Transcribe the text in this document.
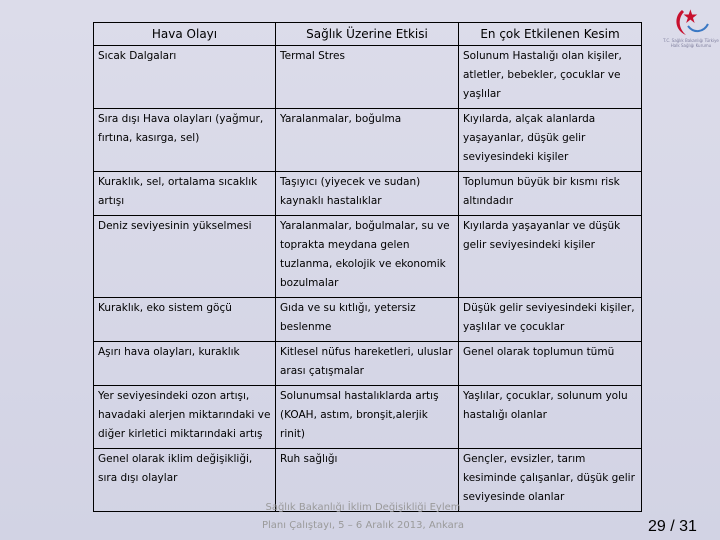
T.C. Sağlık Bakanlığı Türkiye Halk Sağlığı Kurumu
Hava Olayı	Sağlık Üzerine Etkisi	En çok Etkilenen Kesim
Sıcak Dalgaları	Termal Stres	Solunum Hastalığı olan kişiler, atletler, bebekler, çocuklar ve yaşlılar
Sıra dışı Hava olayları (yağmur, fırtına, kasırga, sel)	Yaralanmalar, boğulma	Kıyılarda, alçak alanlarda yaşayanlar, düşük gelir seviyesindeki kişiler
Kuraklık, sel, ortalama sıcaklık artışı	Taşıyıcı (yiyecek ve sudan) kaynaklı hastalıklar	Toplumun büyük bir kısmı risk altındadır
Deniz seviyesinin yükselmesi	Yaralanmalar, boğulmalar, su ve toprakta meydana gelen tuzlanma, ekolojik ve ekonomik bozulmalar	Kıyılarda yaşayanlar ve düşük gelir seviyesindeki kişiler
Kuraklık, eko sistem göçü	Gıda ve su kıtlığı, yetersiz beslenme	Düşük gelir seviyesindeki kişiler, yaşlılar ve çocuklar
Aşırı hava olayları, kuraklık	Kitlesel nüfus hareketleri, uluslar arası çatışmalar	Genel olarak toplumun tümü
Yer seviyesindeki ozon artışı, havadaki alerjen miktarındaki ve diğer kirletici miktarındaki artış	Solunumsal hastalıklarda artış (KOAH, astım, bronşit,alerjik rinit)	Yaşlılar, çocuklar, solunum yolu hastalığı olanlar
Genel olarak iklim değişikliği, sıra dışı olaylar	Ruh sağlığı	Gençler, evsizler, tarım kesiminde çalışanlar, düşük gelir seviyesinde olanlar
Sağlık Bakanlığı İklim Değişikliği Eylem Planı Çalıştayı, 5 – 6 Aralık 2013, Ankara	29 / 31
